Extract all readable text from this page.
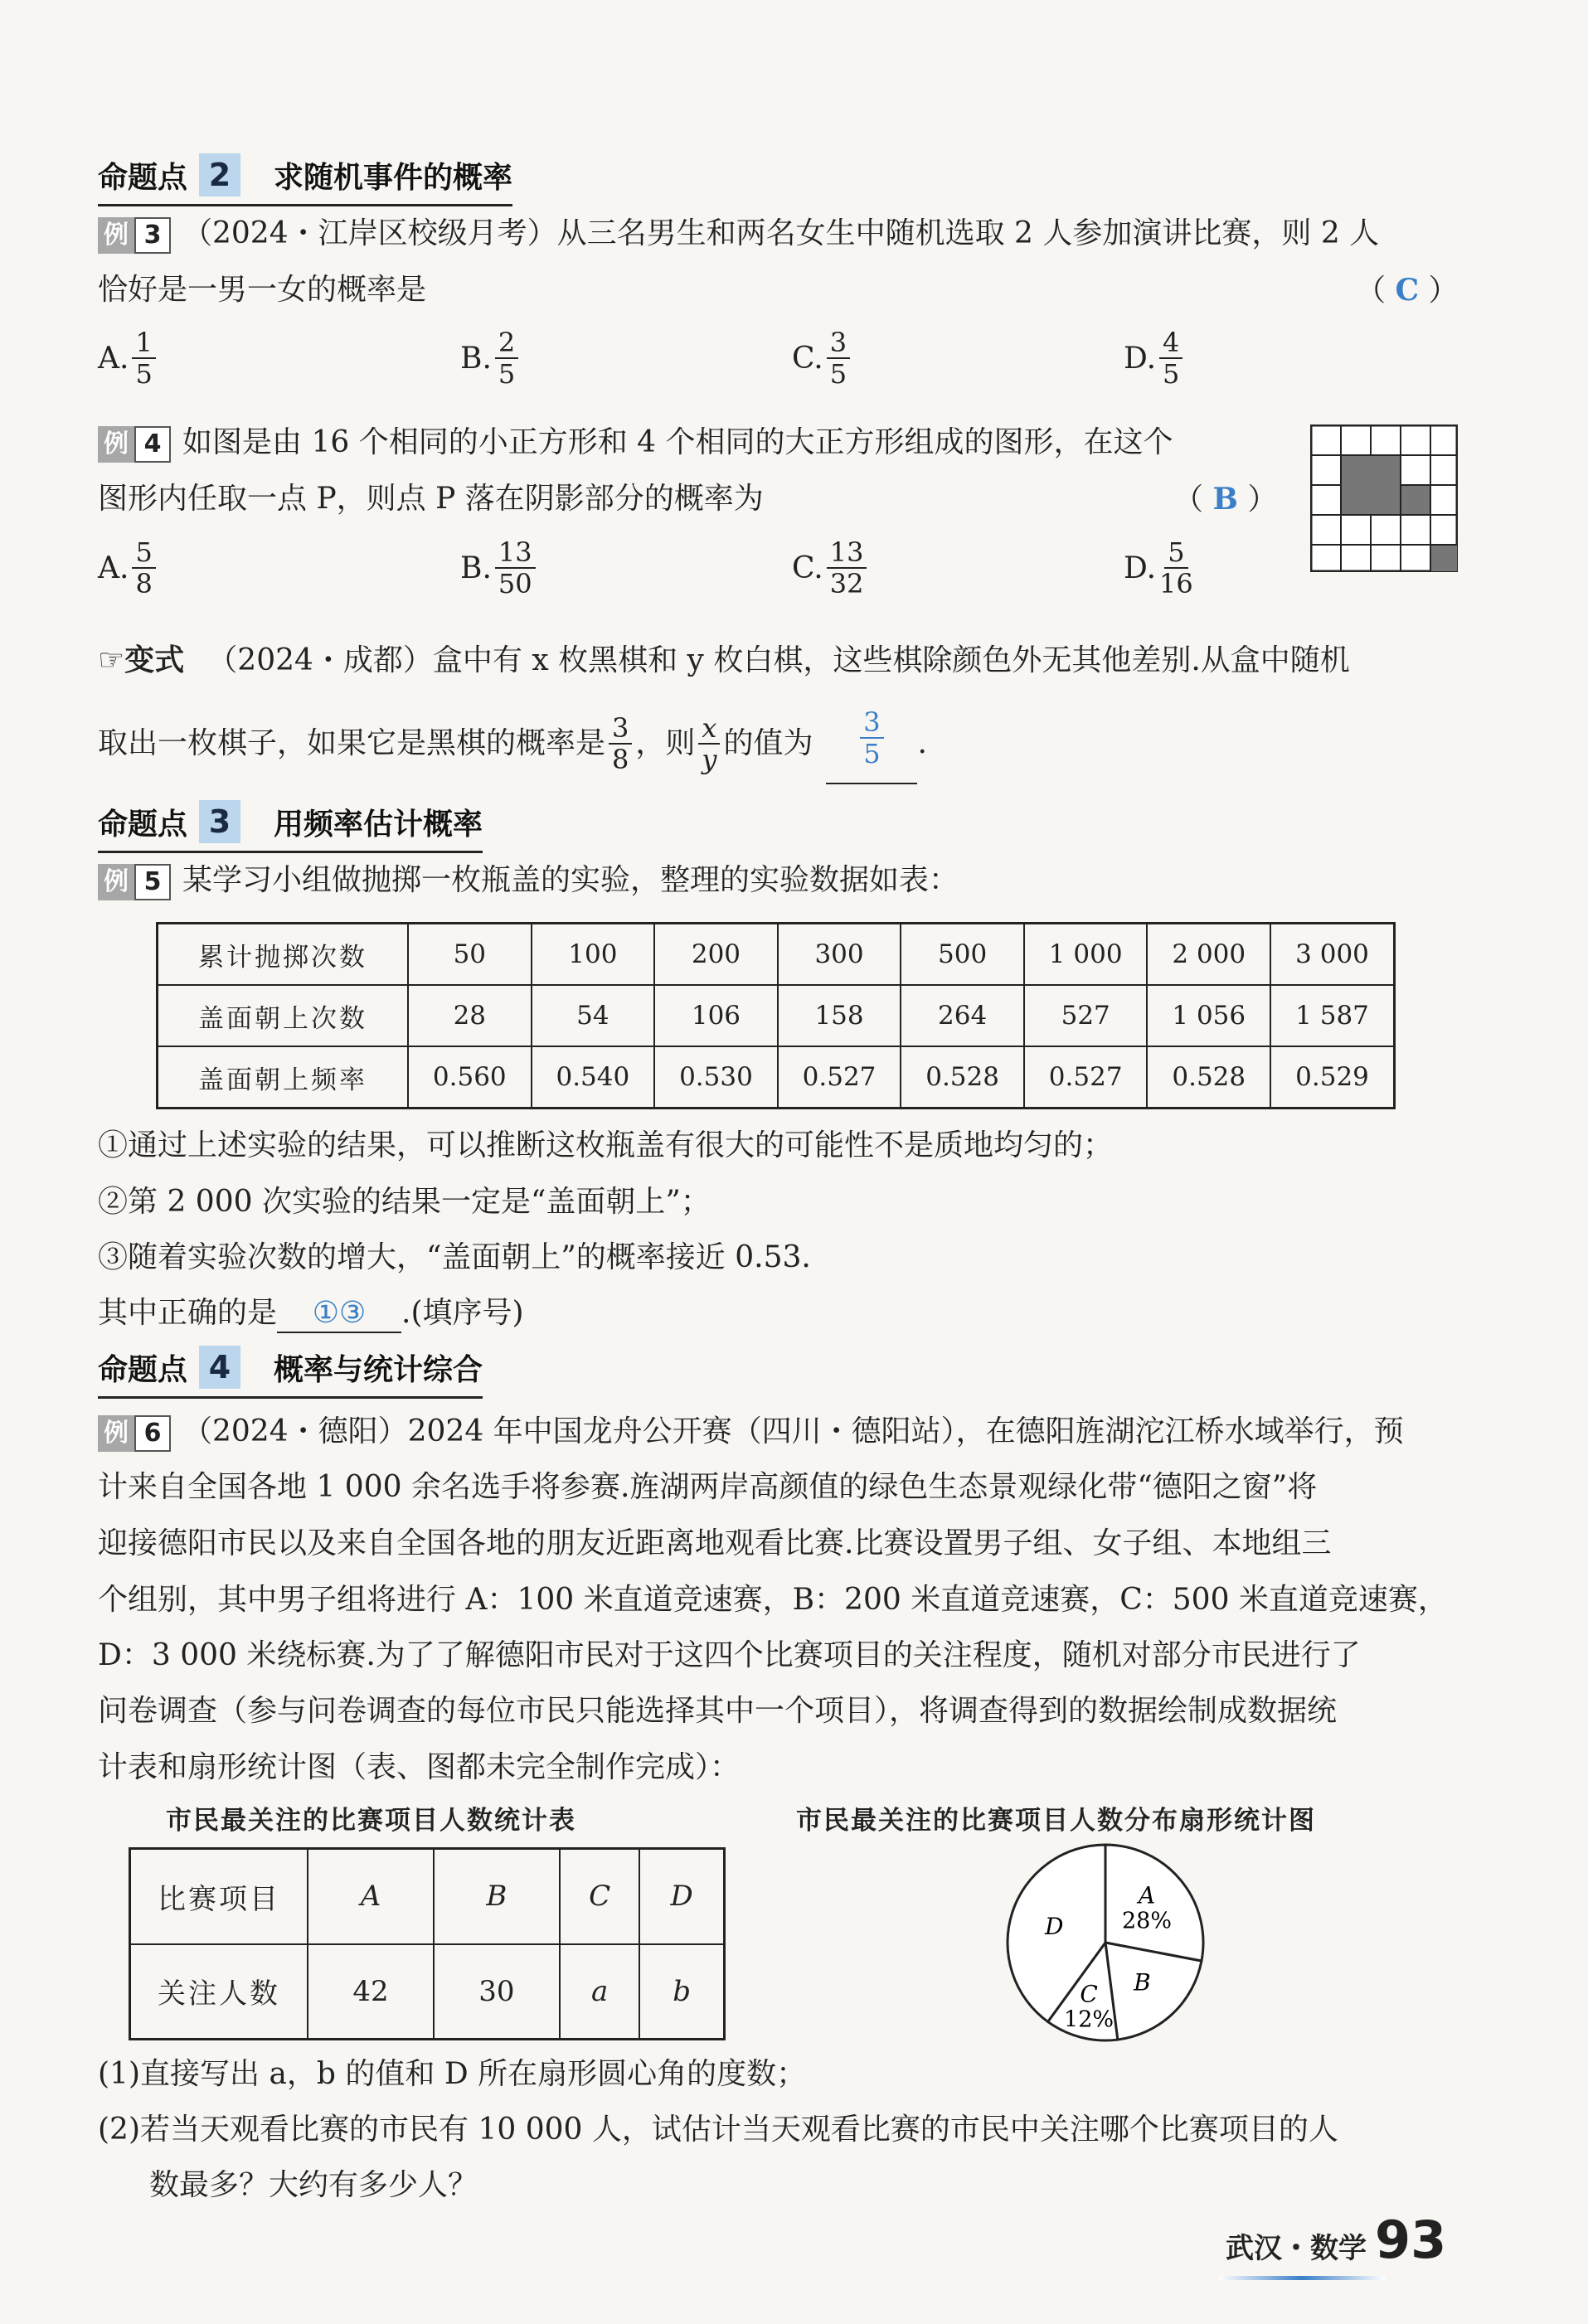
命题点 2	求随机事件的概率
例 3 （2024・江岸区校级月考）从三名男生和两名女生中随机选取 2 人参加演讲比赛，则 2 人
恰好是一男一女的概率是	（ C ）
A. $\frac{1}{5}$	B. $\frac{2}{5}$	C. $\frac{3}{5}$	D. $\frac{4}{5}$
例 4 如图是由 16 个相同的小正方形和 4 个相同的大正方形组成的图形，在这个
图形内任取一点 P，则点 P 落在阴影部分的概率为	（ B ）
A. $\frac{5}{8}$	B. $\frac{13}{50}$	C. $\frac{13}{32}$	D. $\frac{5}{16}$
☞变式 （2024・成都）盒中有 x 枚黑棋和 y 枚白棋，这些棋除颜色外无其他差别.从盒中随机
取出一枚棋子，如果它是黑棋的概率是 $\frac{3}{8}$ ，则 $\frac{x}{y}$ 的值为 $\frac{3}{5}$ .
命题点 3	用频率估计概率
例 5 某学习小组做抛掷一枚瓶盖的实验，整理的实验数据如表：
累计抛掷次数	50	100	200	300	500	1 000	2 000	3 000
盖面朝上次数	28	54	106	158	264	527	1 056	1 587
盖面朝上频率	0.560	0.540	0.530	0.527	0.528	0.527	0.528	0.529
①通过上述实验的结果，可以推断这枚瓶盖有很大的可能性不是质地均匀的；
②第 2 000 次实验的结果一定是“盖面朝上”；
③随着实验次数的增大，“盖面朝上”的概率接近 0.53.
其中正确的是 ①③ .(填序号)
命题点 4	概率与统计综合
例 6 （2024・德阳）2024 年中国龙舟公开赛（四川・德阳站），在德阳旌湖沱江桥水域举行，预
计来自全国各地 1 000 余名选手将参赛.旌湖两岸高颜值的绿色生态景观绿化带“德阳之窗”将
迎接德阳市民以及来自全国各地的朋友近距离地观看比赛.比赛设置男子组、女子组、本地组三
个组别，其中男子组将进行 A：100 米直道竞速赛，B：200 米直道竞速赛，C：500 米直道竞速赛，
D：3 000 米绕标赛.为了了解德阳市民对于这四个比赛项目的关注程度，随机对部分市民进行了
问卷调查（参与问卷调查的每位市民只能选择其中一个项目），将调查得到的数据绘制成数据统
计表和扇形统计图（表、图都未完全制作完成）：
市民最关注的比赛项目人数统计表	市民最关注的比赛项目人数分布扇形统计图
比赛项目	A	B	C	D
关注人数	42	30	a	b
A
28%
B
C
12%
D
(1)直接写出 a，b 的值和 D 所在扇形圆心角的度数；
(2)若当天观看比赛的市民有 10 000 人，试估计当天观看比赛的市民中关注哪个比赛项目的人
数最多？大约有多少人？
武汉・数学 93
